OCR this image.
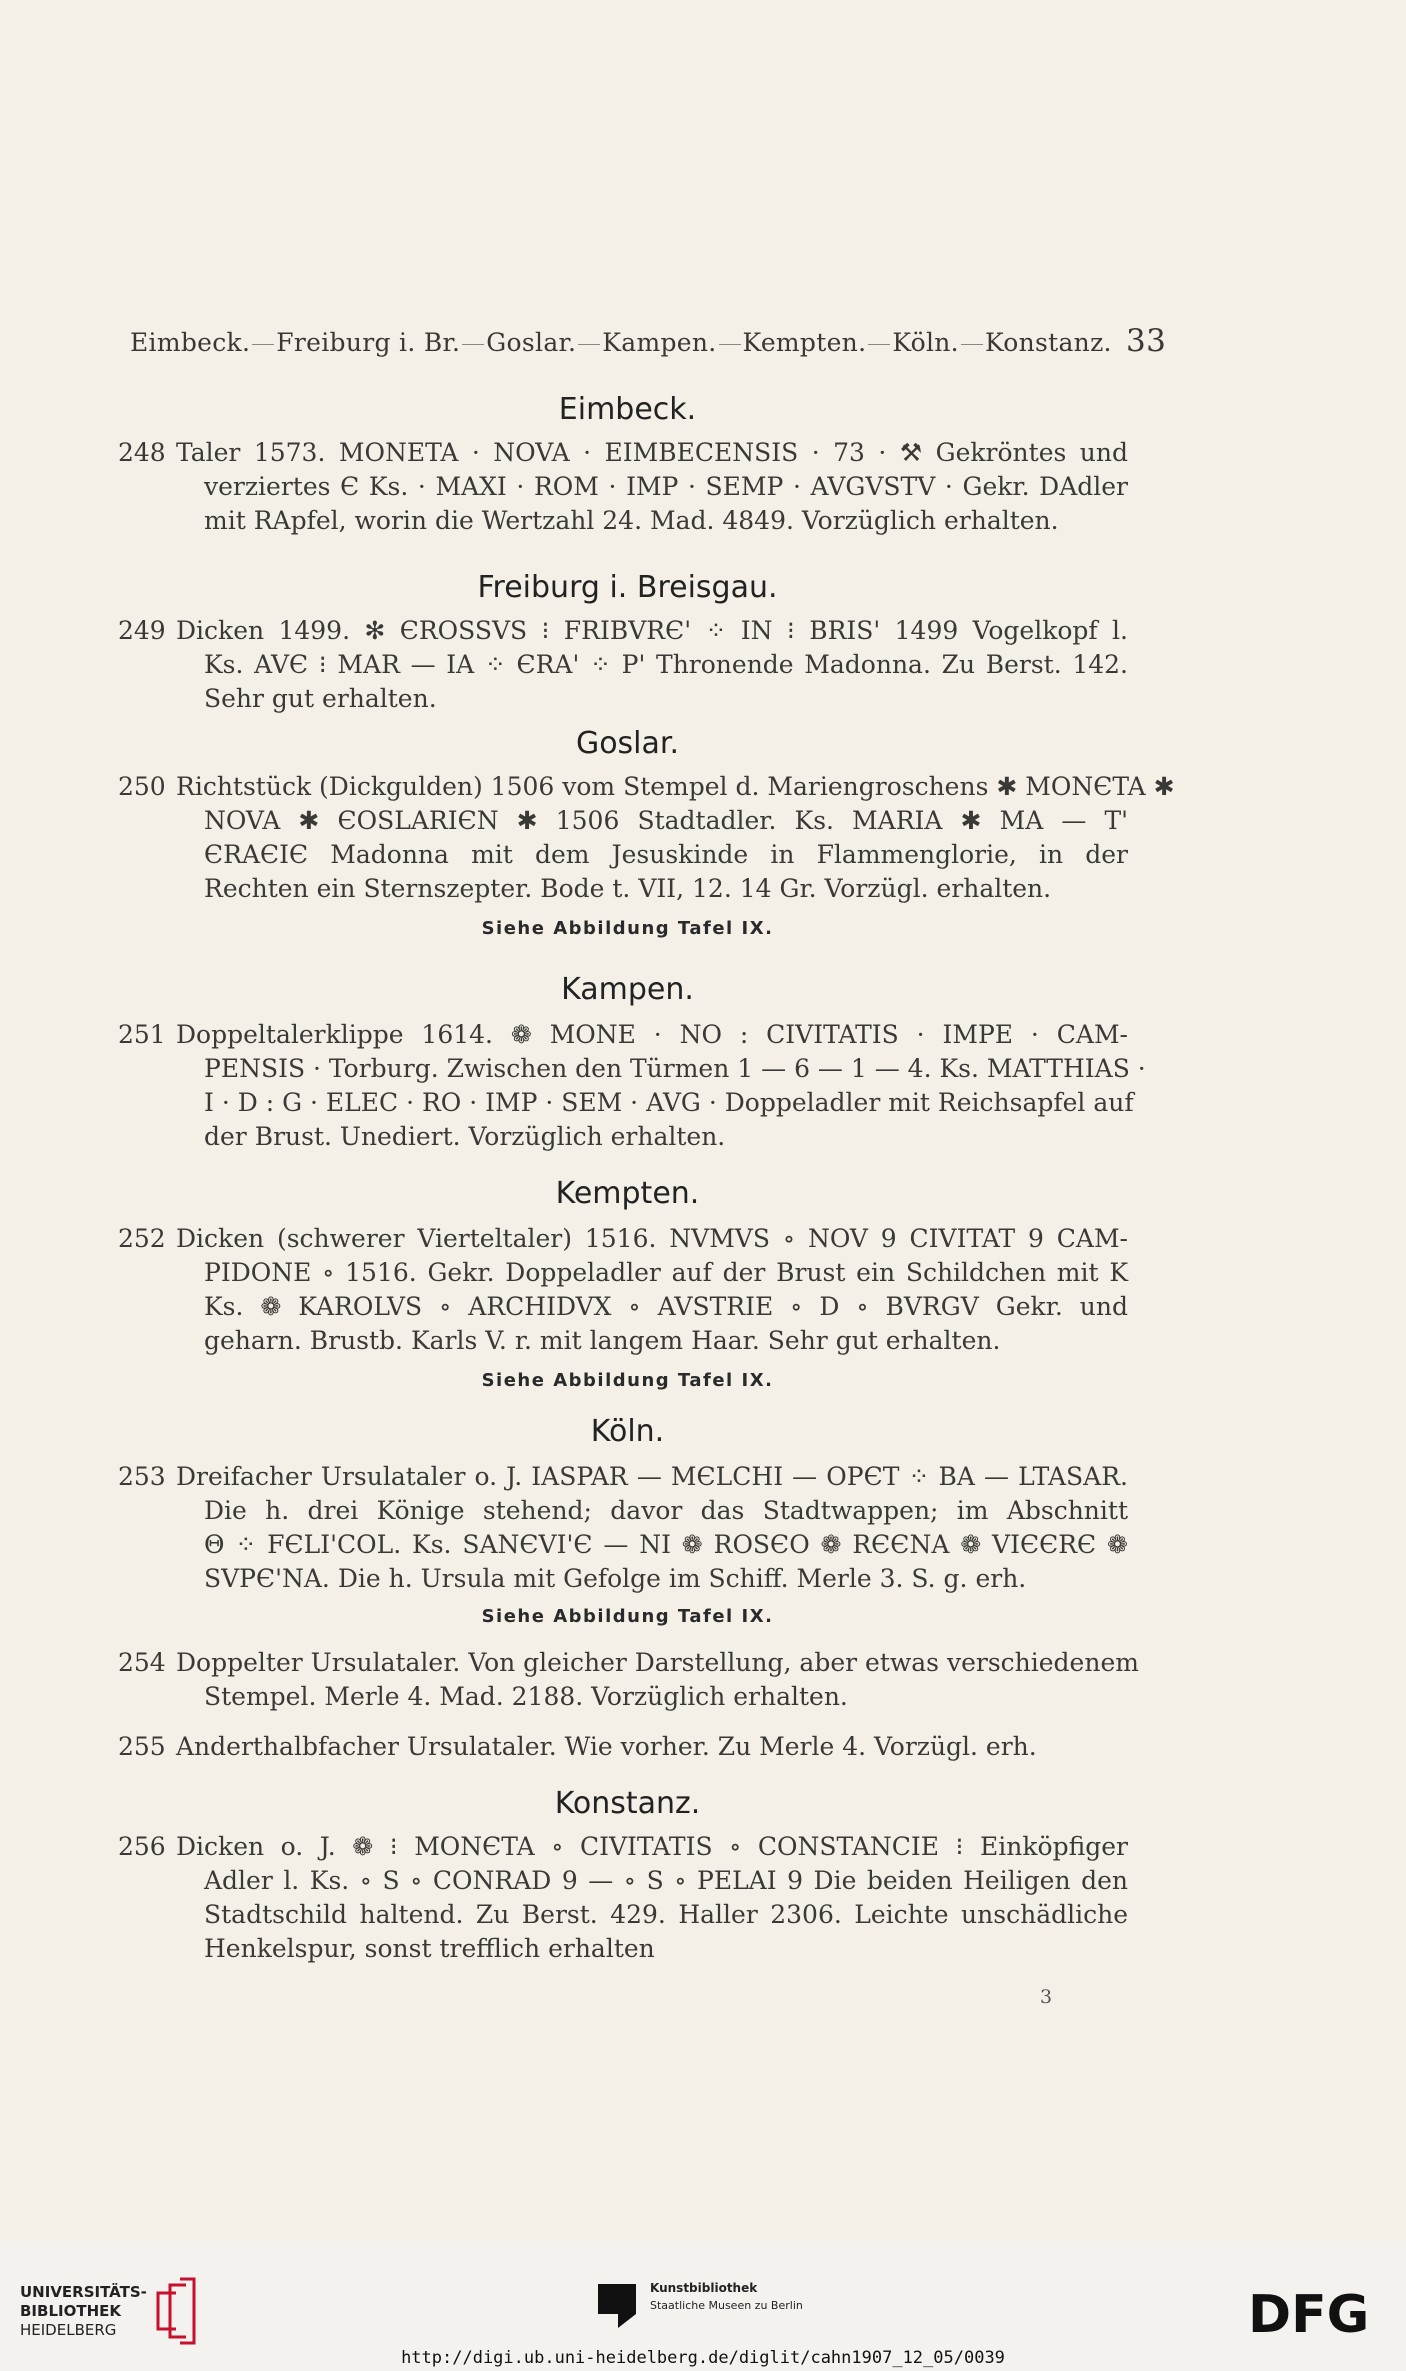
Eimbeck. Freiburg i. Br. Goslar. Kampen. Kempten. Köln. Konstanz. 33
Eimbeck.
248 Taler 1573. MONETA · NOVA · EIMBECENSIS · 73 · ⚒ Gekröntes und
verziertes Є Ks. · MAXI · ROM · IMP · SEMP · AVGVSTV · Gekr. DAdler
mit RApfel, worin die Wertzahl 24. Mad. 4849. Vorzüglich erhalten.
Freiburg i. Breisgau.
249 Dicken 1499. ✻ ЄROSSVS ⁝ FRIBVRЄ' ⁘ IN ⁝ BRIS' 1499 Vogelkopf l.
Ks. AVЄ ⁝ MAR — IA ⁘ ЄRA' ⁘ P' Thronende Madonna. Zu Berst. 142.
Sehr gut erhalten.
Goslar.
250 Richtstück (Dickgulden) 1506 vom Stempel d. Mariengroschens ✱ MONЄTA ✱
NOVA ✱ ЄOSLARIЄN ✱ 1506 Stadtadler. Ks. MARIA ✱ MA — T'
ЄRAЄIЄ Madonna mit dem Jesuskinde in Flammenglorie, in der
Rechten ein Sternszepter. Bode t. VII, 12. 14 Gr. Vorzügl. erhalten.
Siehe Abbildung Tafel IX.
Kampen.
251 Doppeltalerklippe 1614. ❁ MONE · NO : CIVITATIS · IMPE · CAM-
PENSIS · Torburg. Zwischen den Türmen 1 — 6 — 1 — 4. Ks. MATTHIAS ·
I · D : G · ELEC · RO · IMP · SEM · AVG · Doppeladler mit Reichsapfel auf
der Brust. Unediert. Vorzüglich erhalten.
Kempten.
252 Dicken (schwerer Vierteltaler) 1516. NVMVS ∘ NOV 9 CIVITAT 9 CAM-
PIDONE ∘ 1516. Gekr. Doppeladler auf der Brust ein Schildchen mit K
Ks. ❁ KAROLVS ∘ ARCHIDVX ∘ AVSTRIE ∘ D ∘ BVRGV Gekr. und
geharn. Brustb. Karls V. r. mit langem Haar. Sehr gut erhalten.
Siehe Abbildung Tafel IX.
Köln.
253 Dreifacher Ursulataler o. J. IASPAR — MЄLCHI — OPЄT ⁘ BA — LTASAR.
Die h. drei Könige stehend; davor das Stadtwappen; im Abschnitt
Θ ⁘ FЄLI'COL. Ks. SANЄVI'Є — NI ❁ ROSЄO ❁ RЄЄNA ❁ VIЄЄRЄ ❁
SVPЄ'NA. Die h. Ursula mit Gefolge im Schiff. Merle 3. S. g. erh.
Siehe Abbildung Tafel IX.
254 Doppelter Ursulataler. Von gleicher Darstellung, aber etwas verschiedenem
Stempel. Merle 4. Mad. 2188. Vorzüglich erhalten.
255 Anderthalbfacher Ursulataler. Wie vorher. Zu Merle 4. Vorzügl. erh.
Konstanz.
256 Dicken o. J. ❁ ⁝ MONЄTA ∘ CIVITATIS ∘ CONSTANCIE ⁝ Einköpfiger
Adler l. Ks. ∘ S ∘ CONRAD 9 — ∘ S ∘ PELAI 9 Die beiden Heiligen den
Stadtschild haltend. Zu Berst. 429. Haller 2306. Leichte unschädliche
Henkelspur, sonst trefflich erhalten
3
UNIVERSITÄTS-
BIBLIOTHEK
HEIDELBERG
Kunstbibliothek
Staatliche Museen zu Berlin	DFG
http://digi.ub.uni-heidelberg.de/diglit/cahn1907_12_05/0039
